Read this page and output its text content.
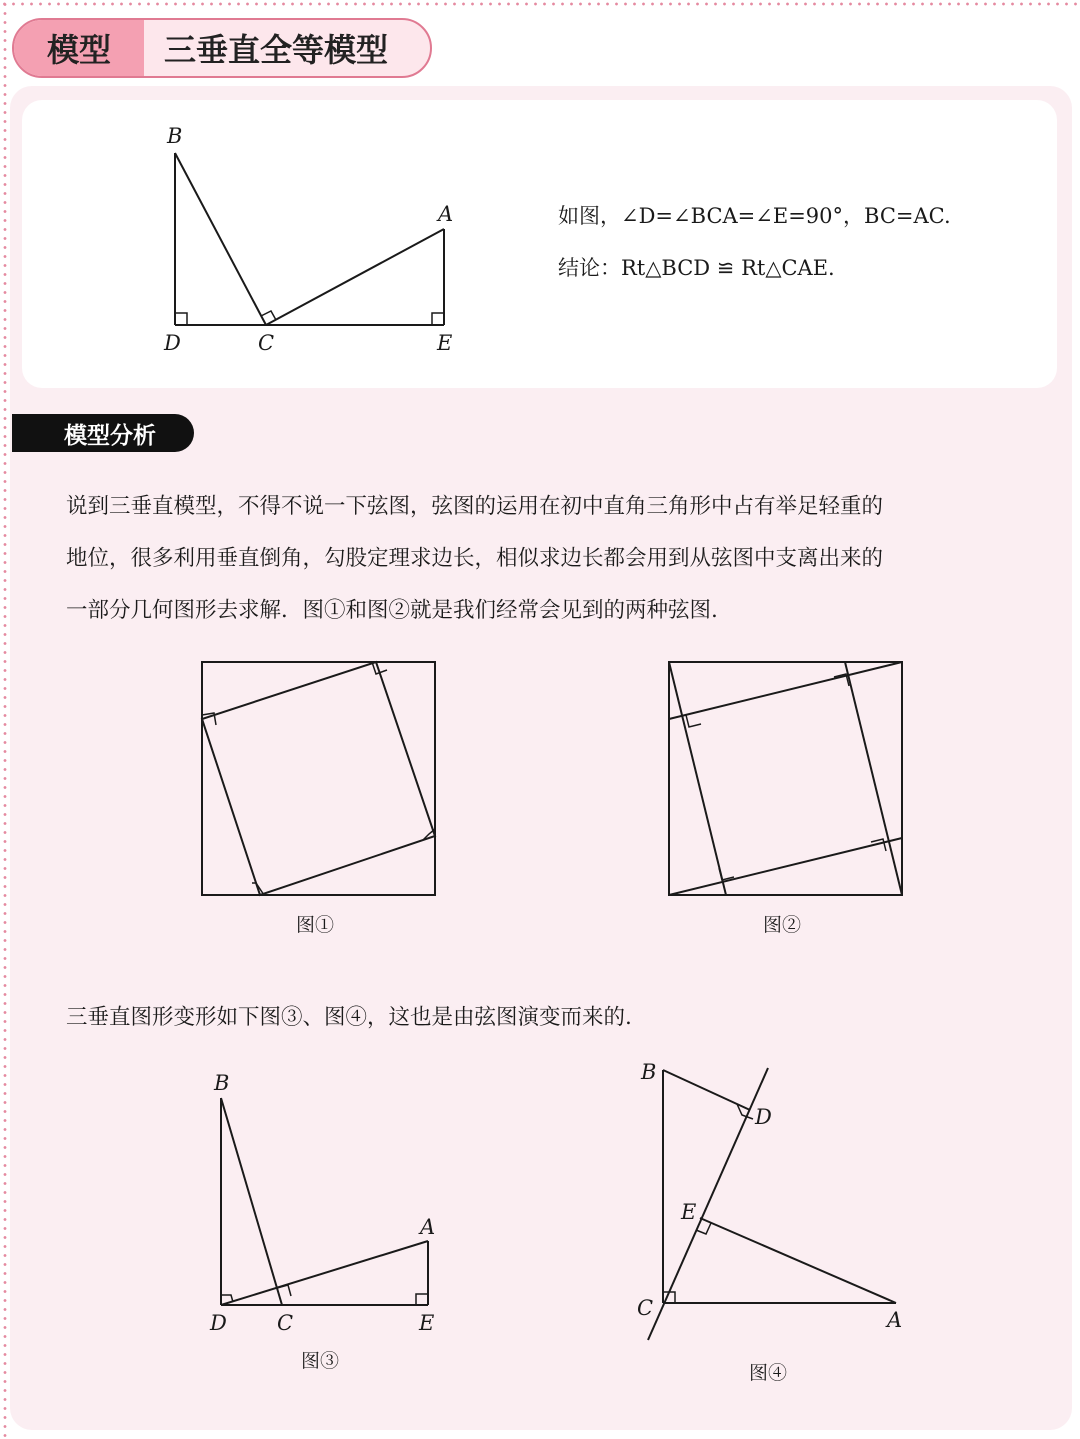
模型	三垂直全等模型
B
A
D	C	E
B
A
D C	E
B
D
E
C	A
如图，∠D=∠BCA=∠E=90°，BC=AC.
结论：Rt△BCD ≌ Rt△CAE.
模型分析
说到三垂直模型，不得不说一下弦图，弦图的运用在初中直角三角形中占有举足轻重的
地位，很多利用垂直倒角，勾股定理求边长，相似求边长都会用到从弦图中支离出来的
一部分几何图形去求解．图①和图②就是我们经常会见到的两种弦图.
图①	图②
三垂直图形变形如下图③、图④，这也是由弦图演变而来的.
图③
图④
